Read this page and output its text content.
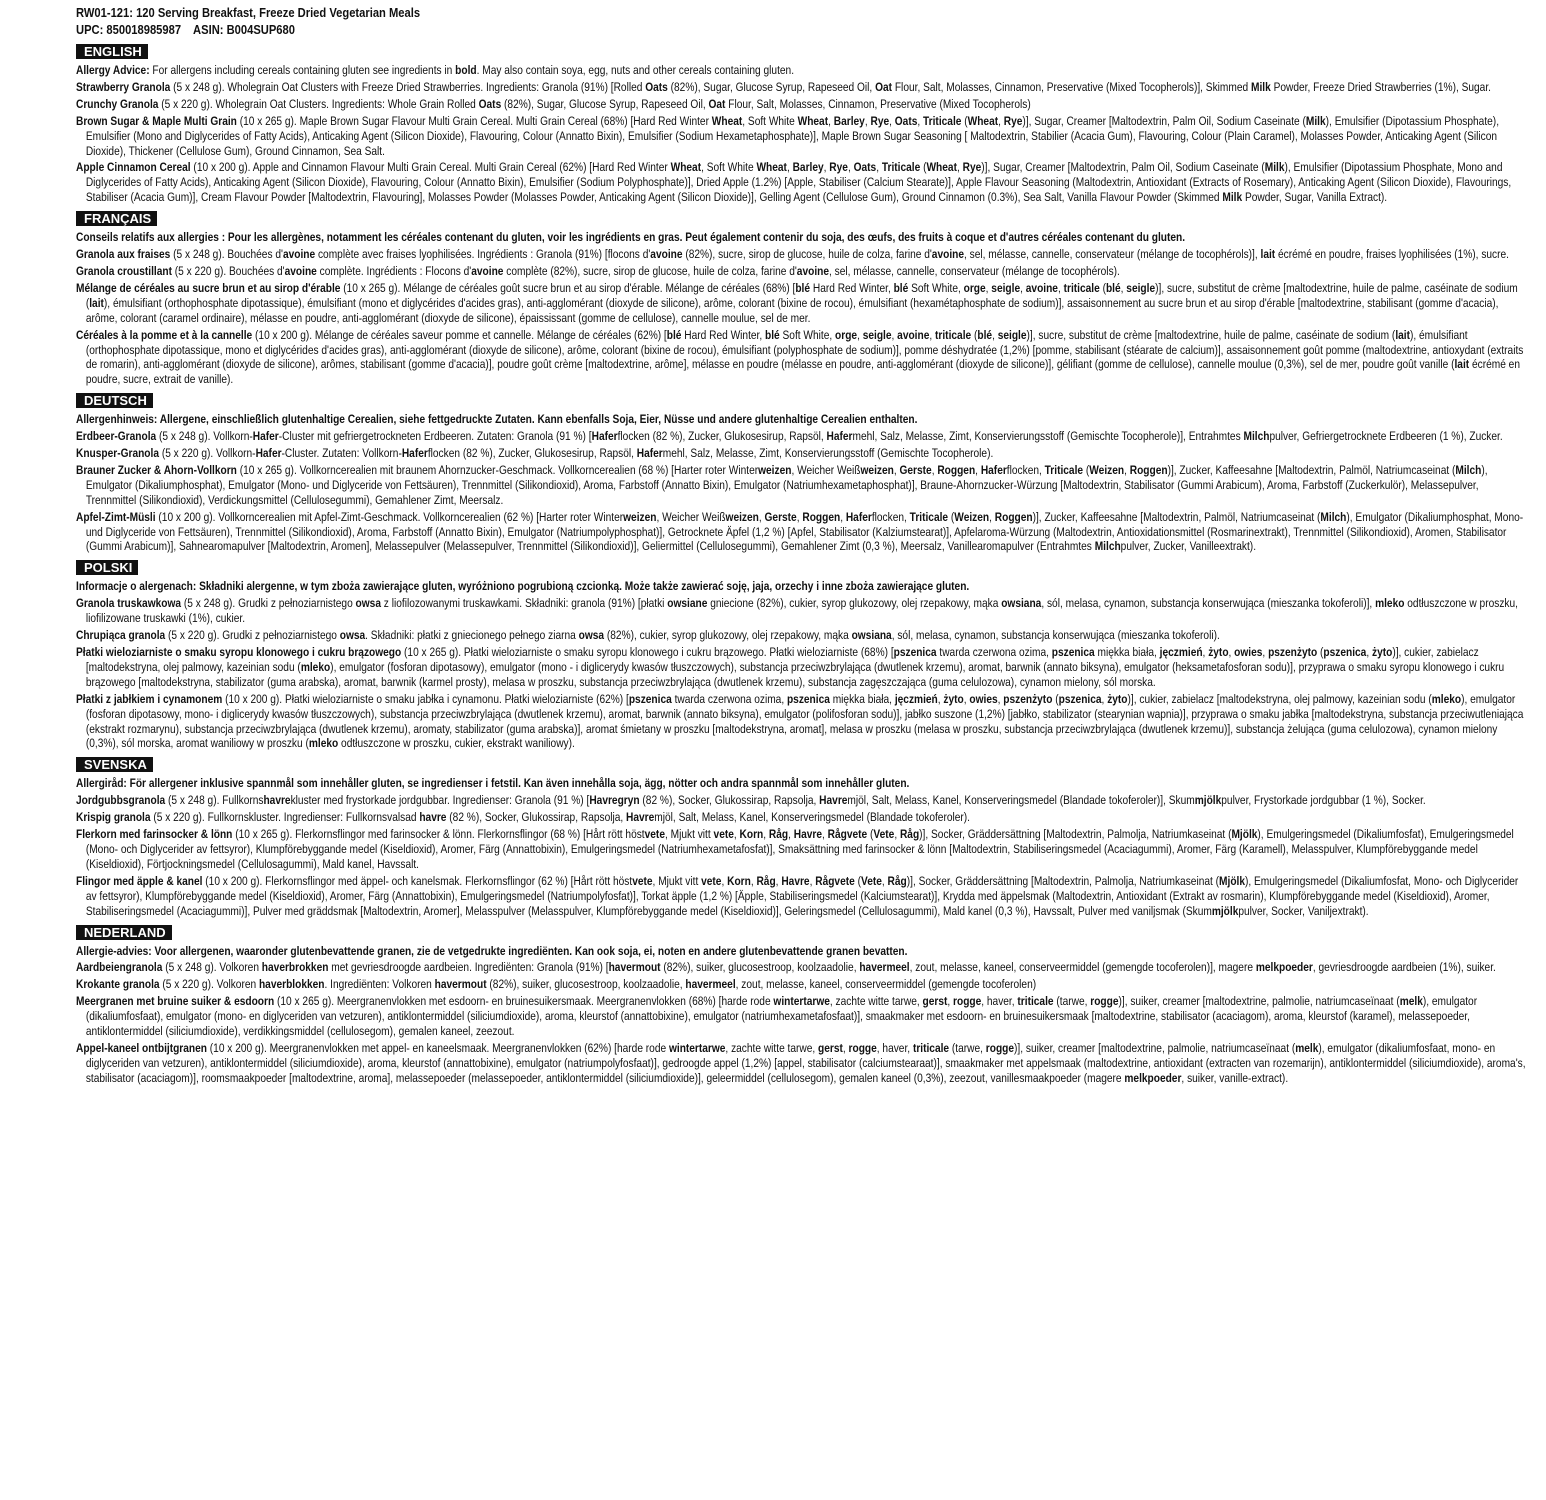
RW01-121: 120 Serving Breakfast, Freeze Dried Vegetarian Meals
UPC: 850018985987    ASIN: B004SUP680
ENGLISH
Allergy Advice: For allergens including cereals containing gluten see ingredients in bold. May also contain soya, egg, nuts and other cereals containing gluten.
Strawberry Granola (5 x 248 g). Wholegrain Oat Clusters with Freeze Dried Strawberries. Ingredients: Granola (91%) [Rolled Oats (82%), Sugar, Glucose Syrup, Rapeseed Oil, Oat Flour, Salt, Molasses, Cinnamon, Preservative (Mixed Tocopherols)], Skimmed Milk Powder, Freeze Dried Strawberries (1%), Sugar.
Crunchy Granola (5 x 220 g). Wholegrain Oat Clusters. Ingredients: Whole Grain Rolled Oats (82%), Sugar, Glucose Syrup, Rapeseed Oil, Oat Flour, Salt, Molasses, Cinnamon, Preservative (Mixed Tocopherols)
Brown Sugar & Maple Multi Grain (10 x 265 g). Maple Brown Sugar Flavour Multi Grain Cereal. Multi Grain Cereal (68%) [Hard Red Winter Wheat, Soft White Wheat, Barley, Rye, Oats, Triticale (Wheat, Rye)], Sugar, Creamer [Maltodextrin, Palm Oil, Sodium Caseinate (Milk), Emulsifier (Dipotassium Phosphate), Emulsifier (Mono and Diglycerides of Fatty Acids), Anticaking Agent (Silicon Dioxide), Flavouring, Colour (Annatto Bixin), Emulsifier (Sodium Hexametaphosphate)], Maple Brown Sugar Seasoning [ Maltodextrin, Stabilier (Acacia Gum), Flavouring, Colour (Plain Caramel), Molasses Powder, Anticaking Agent (Silicon Dioxide), Thickener (Cellulose Gum), Ground Cinnamon, Sea Salt.
Apple Cinnamon Cereal (10 x 200 g). Apple and Cinnamon Flavour Multi Grain Cereal. Multi Grain Cereal (62%) [Hard Red Winter Wheat, Soft White Wheat, Barley, Rye, Oats, Triticale (Wheat, Rye)], Sugar, Creamer [Maltodextrin, Palm Oil, Sodium Caseinate (Milk), Emulsifier (Dipotassium Phosphate, Mono and Diglycerides of Fatty Acids), Anticaking Agent (Silicon Dioxide), Flavouring, Colour (Annatto Bixin), Emulsifier (Sodium Polyphosphate)], Dried Apple (1.2%) [Apple, Stabiliser (Calcium Stearate)], Apple Flavour Seasoning (Maltodextrin, Antioxidant (Extracts of Rosemary), Anticaking Agent (Silicon Dioxide), Flavourings, Stabiliser (Acacia Gum)], Cream Flavour Powder [Maltodextrin, Flavouring], Molasses Powder (Molasses Powder, Anticaking Agent (Silicon Dioxide)], Gelling Agent (Cellulose Gum), Ground Cinnamon (0.3%), Sea Salt, Vanilla Flavour Powder (Skimmed Milk Powder, Sugar, Vanilla Extract).
FRANÇAIS
Conseils relatifs aux allergies : Pour les allergènes, notamment les céréales contenant du gluten, voir les ingrédients en gras. Peut également contenir du soja, des œufs, des fruits à coque et d'autres céréales contenant du gluten.
Granola aux fraises (5 x 248 g). Bouchées d'avoine complète avec fraises lyophilisées. Ingrédients : Granola (91%) [flocons d'avoine (82%), sucre, sirop de glucose, huile de colza, farine d'avoine, sel, mélasse, cannelle, conservateur (mélange de tocophérols)], lait écrémé en poudre, fraises lyophilisées (1%), sucre.
Granola croustillant (5 x 220 g). Bouchées d'avoine complète. Ingrédients : Flocons d'avoine complète (82%), sucre, sirop de glucose, huile de colza, farine d'avoine, sel, mélasse, cannelle, conservateur (mélange de tocophérols).
Mélange de céréales au sucre brun et au sirop d'érable (10 x 265 g). Mélange de céréales goût sucre brun et au sirop d'érable. Mélange de céréales (68%) [blé Hard Red Winter, blé Soft White, orge, seigle, avoine, triticale (blé, seigle)], sucre, substitut de crème [maltodextrine, huile de palme, caséinate de sodium (lait), émulsifiant (orthophosphate dipotassique), émulsifiant (mono et diglycérides d'acides gras), anti-agglomérant (dioxyde de silicone), arôme, colorant (bixine de rocou), émulsifiant (hexamétaphosphate de sodium)], assaisonnement au sucre brun et au sirop d'érable [maltodextrine, stabilisant (gomme d'acacia), arôme, colorant (caramel ordinaire), mélasse en poudre, anti-agglomérant (dioxyde de silicone), épaississant (gomme de cellulose), cannelle moulue, sel de mer.
Céréales à la pomme et à la cannelle (10 x 200 g). Mélange de céréales saveur pomme et cannelle. Mélange de céréales (62%) [blé Hard Red Winter, blé Soft White, orge, seigle, avoine, triticale (blé, seigle)], sucre, substitut de crème [maltodextrine, huile de palme, caséinate de sodium (lait), émulsifiant (orthophosphate dipotassique, mono et diglycérides d'acides gras), anti-agglomérant (dioxyde de silicone), arôme, colorant (bixine de rocou), émulsifiant (polyphosphate de sodium)], pomme déshydratée (1,2%) [pomme, stabilisant (stéarate de calcium)], assaisonnement goût pomme (maltodextrine, antioxydant (extraits de romarin), anti-agglomérant (dioxyde de silicone), arômes, stabilisant (gomme d'acacia)], poudre goût crème [maltodextrine, arôme], mélasse en poudre (mélasse en poudre, anti-agglomérant (dioxyde de silicone)], gélifiant (gomme de cellulose), cannelle moulue (0,3%), sel de mer, poudre goût vanille (lait écrémé en poudre, sucre, extrait de vanille).
DEUTSCH
Allergenhinweis: Allergene, einschließlich glutenhaltige Cerealien, siehe fettgedruckte Zutaten. Kann ebenfalls Soja, Eier, Nüsse und andere glutenhaltige Cerealien enthalten.
Erdbeer-Granola (5 x 248 g). Vollkorn-Hafer-Cluster mit gefriergetrockneten Erdbeeren. Zutaten: Granola (91 %) [Haferflocken (82 %), Zucker, Glukosesirup, Rapsöl, Hafermehl, Salz, Melasse, Zimt, Konservierungsstoff (Gemischte Tocopherole)], Entrahmtes Milchpulver, Gefriergetrocknete Erdbeeren (1 %), Zucker.
Knusper-Granola (5 x 220 g). Vollkorn-Hafer-Cluster. Zutaten: Vollkorn-Haferflocken (82 %), Zucker, Glukosesirup, Rapsöl, Hafermehl, Salz, Melasse, Zimt, Konservierungsstoff (Gemischte Tocopherole).
Brauner Zucker & Ahorn-Vollkorn (10 x 265 g). Vollkorncerealien mit braunem Ahornzucker-Geschmack. Vollkorncerealien (68 %) [Harter roter Winterweizen, Weicher Weißweizen, Gerste, Roggen, Haferflocken, Triticale (Weizen, Roggen)], Zucker, Kaffeesahne [Maltodextrin, Palmöl, Natriumcaseinat (Milch), Emulgator (Dikaliumphosphat), Emulgator (Mono- und Diglyceride von Fettsäuren), Trennmittel (Silikondioxid), Aroma, Farbstoff (Annatto Bixin), Emulgator (Natriumhexametaphosphat)], Braune-Ahornzucker-Würzung [Maltodextrin, Stabilisator (Gummi Arabicum), Aroma, Farbstoff (Zuckerkulör), Melassepulver, Trennmittel (Silikondioxid), Verdickungsmittel (Cellulosegummi), Gemahlener Zimt, Meersalz.
Apfel-Zimt-Müsli (10 x 200 g). Vollkorncerealien mit Apfel-Zimt-Geschmack. Vollkorncerealien (62 %) [Harter roter Winterweizen, Weicher Weißweizen, Gerste, Roggen, Haferflocken, Triticale (Weizen, Roggen)], Zucker, Kaffeesahne [Maltodextrin, Palmöl, Natriumcaseinat (Milch), Emulgator (Dikaliumphosphat, Mono- und Diglyceride von Fettsäuren), Trennmittel (Silikondioxid), Aroma, Farbstoff (Annatto Bixin), Emulgator (Natriumpolyphosphat)], Getrocknete Äpfel (1,2 %) [Apfel, Stabilisator (Kalziumstearat)], Apfelaroma-Würzung (Maltodextrin, Antioxidationsmittel (Rosmarinextrakt), Trennmittel (Silikondioxid), Aromen, Stabilisator (Gummi Arabicum)], Sahnearomapulver [Maltodextrin, Aromen], Melassepulver (Melassepulver, Trennmittel (Silikondioxid)], Geliermittel (Cellulosegummi), Gemahlener Zimt (0,3 %), Meersalz, Vanillearomapulver (Entrahmtes Milchpulver, Zucker, Vanilleextrakt).
POLSKI
Informacje o alergenach: Składniki alergenne, w tym zboża zawierające gluten, wyróżniono pogrubioną czcionką. Może także zawierać soję, jaja, orzechy i inne zboża zawierające gluten.
Granola truskawkowa (5 x 248 g). Grudki z pełnoziarnistego owsa z liofilozowanymi truskawkami. Składniki: granola (91%) [płatki owsiane gniecione (82%), cukier, syrop glukozowy, olej rzepakowy, mąka owsiana, sól, melasa, cynamon, substancja konserwująca (mieszanka tokoferoli)], mleko odtłuszczone w proszku, liofilizowane truskawki (1%), cukier.
Chrupiąca granola (5 x 220 g). Grudki z pełnoziarnistego owsa. Składniki: płatki z gniecionego pełnego ziarna owsa (82%), cukier, syrop glukozowy, olej rzepakowy, mąka owsiana, sól, melasa, cynamon, substancja konserwująca (mieszanka tokoferoli).
Płatki wieloziarniste o smaku syropu klonowego i cukru brązowego (10 x 265 g). Płatki wieloziarniste o smaku syropu klonowego i cukru brązowego. Płatki wieloziarniste (68%) [pszenica twarda czerwona ozima, pszenica miękka biała, jęczmień, żyto, owies, pszenżyto (pszenica, żyto)], cukier, zabielacz [maltodekstryna, olej palmowy, kazeinian sodu (mleko), emulgator (fosforan dipotasowy), emulgator (mono - i diglicerydy kwasów tłuszczowych), substancja przeciwzbrylająca (dwutlenek krzemu), aromat, barwnik (annato biksyna), emulgator (heksametafosforan sodu)], przyprawa o smaku syropu klonowego i cukru brązowego [maltodekstryna, stabilizator (guma arabska), aromat, barwnik (karmel prosty), melasa w proszku, substancja przeciwzbrylająca (dwutlenek krzemu), substancja zagęszczająca (guma celulozowa), cynamon mielony, sól morska.
Płatki z jabłkiem i cynamonem (10 x 200 g). Płatki wieloziarniste o smaku jabłka i cynamonu. Płatki wieloziarniste (62%) [pszenica twarda czerwona ozima, pszenica miękka biała, jęczmień, żyto, owies, pszenżyto (pszenica, żyto)], cukier, zabielacz [maltodekstryna, olej palmowy, kazeinian sodu (mleko), emulgator (fosforan dipotasowy, mono- i diglicerydy kwasów tłuszczowych), substancja przeciwzbrylająca (dwutlenek krzemu), aromat, barwnik (annato biksyna), emulgator (polifosforan sodu)], jabłko suszone (1,2%) [jabłko, stabilizator (stearynian wapnia)], przyprawa o smaku jabłka [maltodekstryna, substancja przeciwutleniająca (ekstrakt rozmarynu), substancja przeciwzbrylająca (dwutlenek krzemu), aromaty, stabilizator (guma arabska)], aromat śmietany w proszku [maltodekstryna, aromat], melasa w proszku (melasa w proszku, substancja przeciwzbrylająca (dwutlenek krzemu)], substancja żelująca (guma celulozowa), cynamon mielony (0,3%), sól morska, aromat waniliowy w proszku (mleko odtłuszczone w proszku, cukier, ekstrakt waniliowy).
SVENSKA
Allergiråd: För allergener inklusive spannmål som innehåller gluten, se ingredienser i fetstil. Kan även innehålla soja, ägg, nötter och andra spannmål som innehåller gluten.
Jordgubbsgranola (5 x 248 g). Fullkornshavrekluster med frystorkade jordgubbar. Ingredienser: Granola (91 %) [Havregryn (82 %), Socker, Glukossirap, Rapsolja, Havremjöl, Salt, Melass, Kanel, Konserveringsmedel (Blandade tokoferoler)], Skummjölkpulver, Frystorkade jordgubbar (1 %), Socker.
Krispig granola (5 x 220 g). Fullkornskluster. Ingredienser: Fullkornsvalsad havre (82 %), Socker, Glukossirap, Rapsolja, Havremjöl, Salt, Melass, Kanel, Konserveringsmedel (Blandade tokoferoler).
Flerkorn med farinsocker & lönn (10 x 265 g). Flerkornsflingor med farinsocker & lönn. Flerkornsflingor (68 %) [Hårt rött höstvete, Mjukt vitt vete, Korn, Råg, Havre, Rågvete (Vete, Råg)], Socker, Gräddersättning [Maltodextrin, Palmolja, Natriumkaseinat (Mjölk), Emulgeringsmedel (Dikaliumfosfat), Emulgeringsmedel (Mono- och Diglycerider av fettsyror), Klumpförebyggande medel (Kiseldioxid), Aromer, Färg (Annattobixin), Emulgeringsmedel (Natriumhexametafosfat)], Smaksättning med farinsocker & lönn [Maltodextrin, Stabiliseringsmedel (Acaciagummi), Aromer, Färg (Karamell), Melasspulver, Klumpförebyggande medel (Kiseldioxid), Förtjockningsmedel (Cellulosagummi), Mald kanel, Havssalt.
Flingor med äpple & kanel (10 x 200 g). Flerkornsflingor med äppel- och kanelsmak. Flerkornsflingor (62 %) [Hårt rött höstvete, Mjukt vitt vete, Korn, Råg, Havre, Rågvete (Vete, Råg)], Socker, Gräddersättning [Maltodextrin, Palmolja, Natriumkaseinat (Mjölk), Emulgeringsmedel (Dikaliumfosfat, Mono- och Diglycerider av fettsyror), Klumpförebyggande medel (Kiseldioxid), Aromer, Färg (Annattobixin), Emulgeringsmedel (Natriumpolyfosfat)], Torkat äpple (1,2 %) [Äpple, Stabiliseringsmedel (Kalciumstearat)], Krydda med äppelsmak (Maltodextrin, Antioxidant (Extrakt av rosmarin), Klumpförebyggande medel (Kiseldioxid), Aromer, Stabiliseringsmedel (Acaciagummi)], Pulver med gräddsmak [Maltodextrin, Aromer], Melasspulver (Melasspulver, Klumpförebyggande medel (Kiseldioxid)], Geleringsmedel (Cellulosagummi), Mald kanel (0,3 %), Havssalt, Pulver med vaniljsmak (Skummjölkpulver, Socker, Vaniljextrakt).
NEDERLAND
Allergie-advies: Voor allergenen, waaronder glutenbevattende granen, zie de vetgedrukte ingrediënten. Kan ook soja, ei, noten en andere glutenbevattende granen bevatten.
Aardbeiengranola (5 x 248 g). Volkoren haverbrokken met gevriesdroogde aardbeien. Ingrediënten: Granola (91%) [havermout (82%), suiker, glucosestroop, koolzaadolie, havermeel, zout, melasse, kaneel, conserveermiddel (gemengde tocoferolen)], magere melkpoeder, gevriesdroogde aardbeien (1%), suiker.
Krokante granola (5 x 220 g). Volkoren haverblokken. Ingrediënten: Volkoren havermout (82%), suiker, glucosestroop, koolzaadolie, havermeel, zout, melasse, kaneel, conserveermiddel (gemengde tocoferolen)
Meergranen met bruine suiker & esdoorn (10 x 265 g). Meergranenvlokken met esdoorn- en bruinesuikersmaak. Meergranenvlokken (68%) [harde rode wintertarwe, zachte witte tarwe, gerst, rogge, haver, triticale (tarwe, rogge)], suiker, creamer [maltodextrine, palmolie, natriumcaseïnaat (melk), emulgator (dikaliumfosfaat), emulgator (mono- en diglyceriden van vetzuren), antiklontermiddel (siliciumdioxide), aroma, kleurstof (annattobixine), emulgator (natriumhexametafosfaat)], smaakmaker met esdoorn- en bruinesuikersmaak [maltodextrine, stabilisator (acaciagom), aroma, kleurstof (karamel), melassepoeder, antiklontermiddel (siliciumdioxide), verdikkingsmiddel (cellulosegom), gemalen kaneel, zeezout.
Appel-kaneel ontbijtgranen (10 x 200 g). Meergranenvlokken met appel- en kaneelsmaak. Meergranenvlokken (62%) [harde rode wintertarwe, zachte witte tarwe, gerst, rogge, haver, triticale (tarwe, rogge)], suiker, creamer [maltodextrine, palmolie, natriumcaseïnaat (melk), emulgator (dikaliumfosfaat, mono- en diglyceriden van vetzuren), antiklontermiddel (siliciumdioxide), aroma, kleurstof (annattobixine), emulgator (natriumpolyfosfaat)], gedroogde appel (1,2%) [appel, stabilisator (calciumstearaat)], smaakmaker met appelsmaak (maltodextrine, antioxidant (extracten van rozemarijn), antiklontermiddel (siliciumdioxide), aroma's, stabilisator (acaciagom)], roomsmaakpoeder [maltodextrine, aroma], melassepoeder (melassepoeder, antiklontermiddel (siliciumdioxide)], geleermiddel (cellulosegom), gemalen kaneel (0,3%), zeezout, vanillesmaakpoeder (magere melkpoeder, suiker, vanille-extract).
